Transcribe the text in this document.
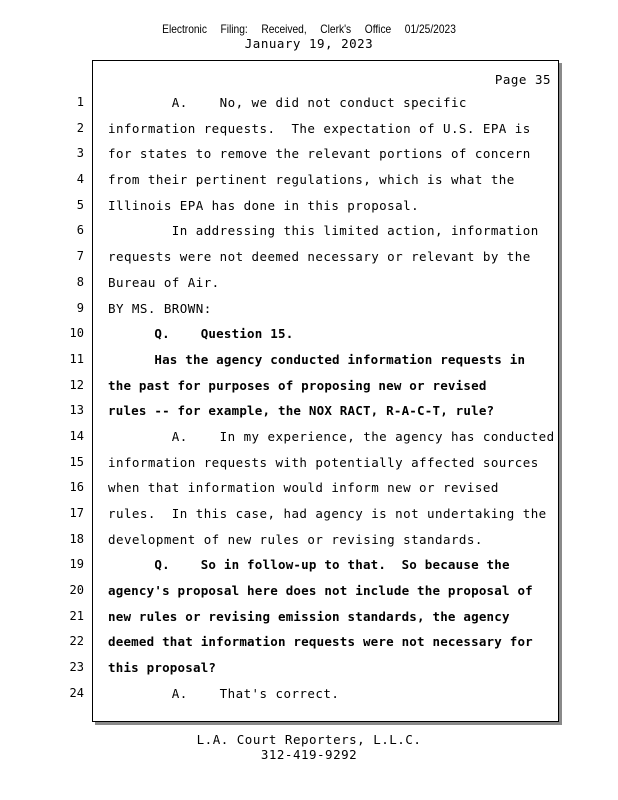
Electronic Filing: Received, Clerk's Office 01/25/2023
January 19, 2023
Page 35
1 A.    No, we did not conduct specific
2 information requests.  The expectation of U.S. EPA is
3 for states to remove the relevant portions of concern
4 from their pertinent regulations, which is what the
5 Illinois EPA has done in this proposal.
6 In addressing this limited action, information
7 requests were not deemed necessary or relevant by the
8 Bureau of Air.
9 BY MS. BROWN:
10 Q.    Question 15.
11 Has the agency conducted information requests in
12 the past for purposes of proposing new or revised
13 rules -- for example, the NOX RACT, R-A-C-T, rule?
14 A.    In my experience, the agency has conducted
15 information requests with potentially affected sources
16 when that information would inform new or revised
17 rules.  In this case, had agency is not undertaking the
18 development of new rules or revising standards.
19 Q.    So in follow-up to that.  So because the
20 agency's proposal here does not include the proposal of
21 new rules or revising emission standards, the agency
22 deemed that information requests were not necessary for
23 this proposal?
24 A.    That's correct.
L.A. Court Reporters, L.L.C.
312-419-9292
